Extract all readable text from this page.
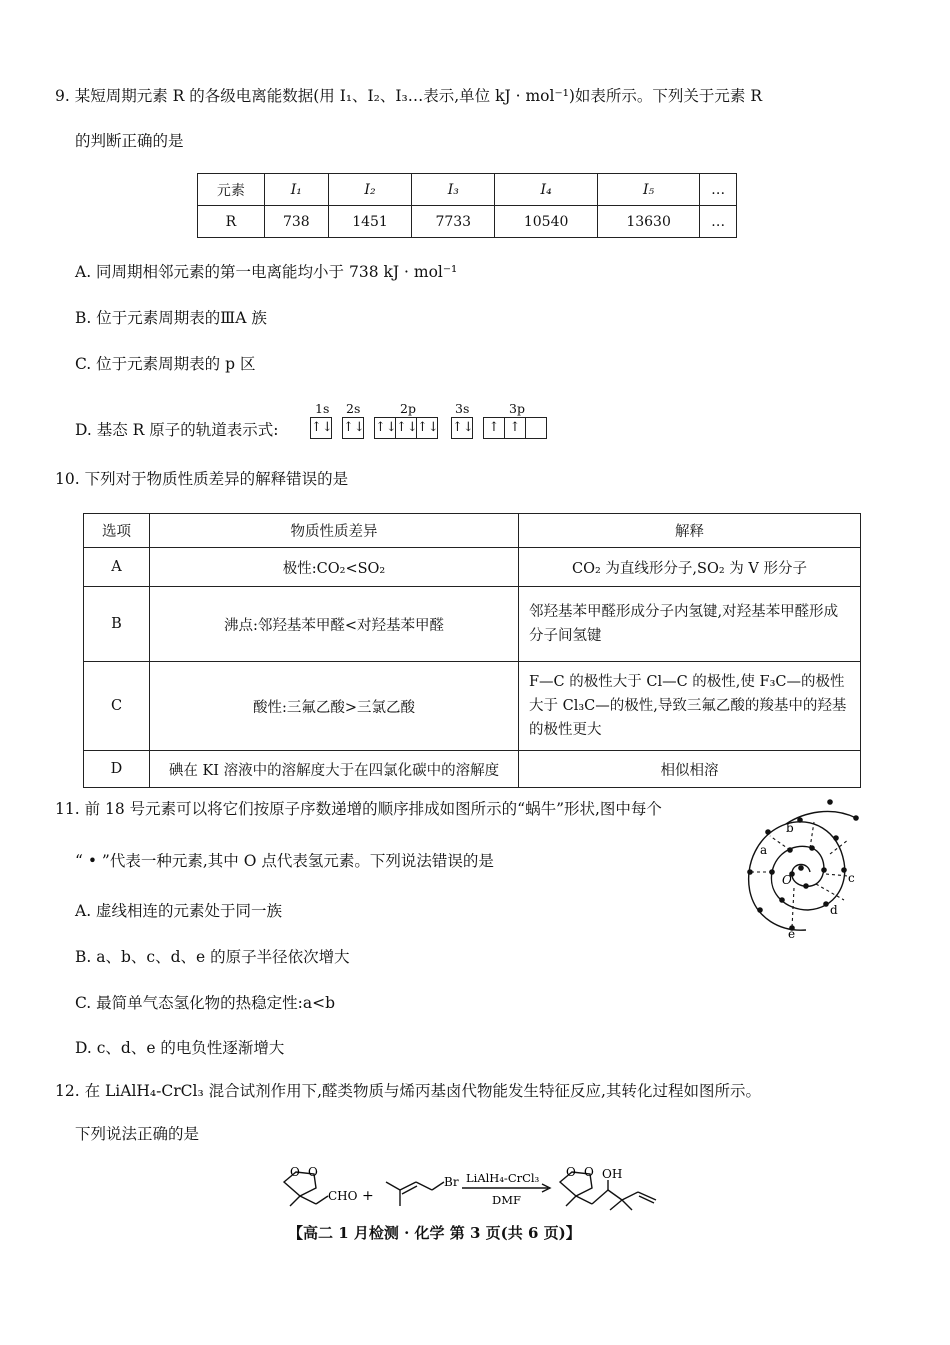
9. 某短周期元素 R 的各级电离能数据(用 I₁、I₂、I₃…表示,单位 kJ · mol⁻¹)如表所示。下列关于元素 R
的判断正确的是
元素	I₁	I₂	I₃	I₄	I₅	…
R	738	1451	7733	10540	13630	…
A. 同周期相邻元素的第一电离能均小于 738 kJ · mol⁻¹
B. 位于元素周期表的ⅢA 族
C. 位于元素周期表的 p 区
D. 基态 R 原子的轨道表示式:
1s 2s	2p	3s	3p
↑↓ ↑↓ ↑↓ ↑↓ ↑↓ ↑↓	↑ ↑
10. 下列对于物质性质差异的解释错误的是
选项	物质性质差异	解释
A	极性:CO₂<SO₂	CO₂ 为直线形分子,SO₂ 为 V 形分子
B	沸点:邻羟基苯甲醛<对羟基苯甲醛	邻羟基苯甲醛形成分子内氢键,对羟基苯甲醛形成分子间氢键
C	酸性:三氟乙酸>三氯乙酸	F—C 的极性大于 Cl—C 的极性,使 F₃C—的极性大于 Cl₃C—的极性,导致三氟乙酸的羧基中的羟基的极性更大
D	碘在 KI 溶液中的溶解度大于在四氯化碳中的溶解度	相似相溶
11. 前 18 号元素可以将它们按原子序数递增的顺序排成如图所示的“蜗牛”形状,图中每个
“ • ”代表一种元素,其中 O 点代表氢元素。下列说法错误的是
A. 虚线相连的元素处于同一族
B. a、b、c、d、e 的原子半径依次增大
C. 最简单气态氢化物的热稳定性:a<b
D. c、d、e 的电负性逐渐增大
a
b
c
d
e
O
12. 在 LiAlH₄-CrCl₃ 混合试剂作用下,醛类物质与烯丙基卤代物能发生特征反应,其转化过程如图所示。
下列说法正确的是
O O
CHO +
Br LiAlH₄-CrCl₃
DMF
O O OH
【高二 1 月检测 · 化学 第 3 页(共 6 页)】
